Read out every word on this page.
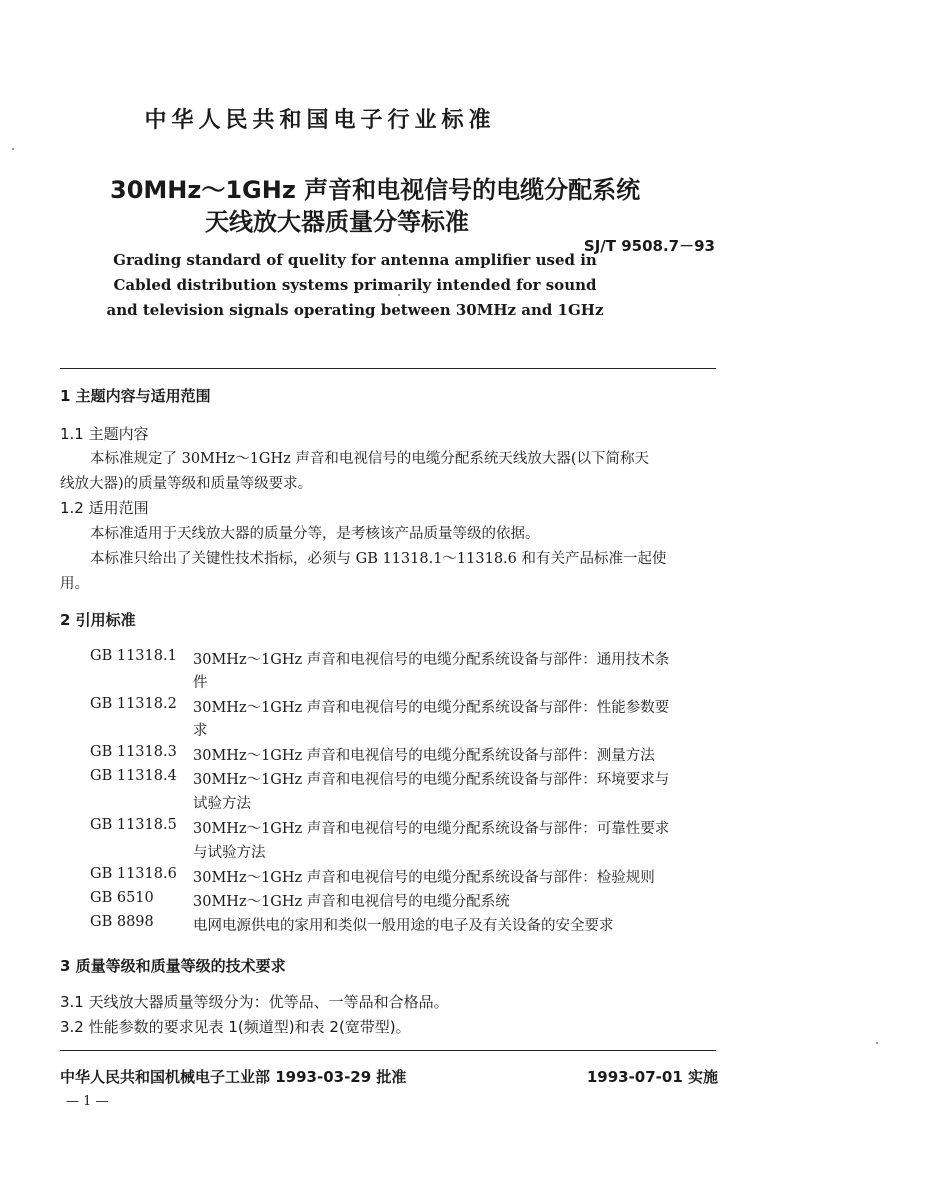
中华人民共和国电子行业标准
30MHz～1GHz 声音和电视信号的电缆分配系统
天线放大器质量分等标准
SJ/T 9508.7－93
Grading standard of quelity for antenna amplifier used in
Cabled distribution systems primarily intended for sound
and television signals operating between 30MHz and 1GHz
1 主题内容与适用范围
1.1 主题内容
本标准规定了 30MHz～1GHz 声音和电视信号的电缆分配系统天线放大器(以下简称天
线放大器)的质量等级和质量等级要求。
1.2 适用范围
本标准适用于天线放大器的质量分等，是考核该产品质量等级的依据。
本标准只给出了关键性技术指标，必须与 GB 11318.1～11318.6 和有关产品标准一起使
用。
2 引用标准
GB 11318.1 30MHz～1GHz 声音和电视信号的电缆分配系统设备与部件：通用技术条
件
GB 11318.2 30MHz～1GHz 声音和电视信号的电缆分配系统设备与部件：性能参数要
求
GB 11318.3 30MHz～1GHz 声音和电视信号的电缆分配系统设备与部件：测量方法
GB 11318.4 30MHz～1GHz 声音和电视信号的电缆分配系统设备与部件：环境要求与
试验方法
GB 11318.5 30MHz～1GHz 声音和电视信号的电缆分配系统设备与部件：可靠性要求
与试验方法
GB 11318.6 30MHz～1GHz 声音和电视信号的电缆分配系统设备与部件：检验规则
GB 6510	30MHz～1GHz 声音和电视信号的电缆分配系统
GB 8898	电网电源供电的家用和类似一般用途的电子及有关设备的安全要求
3 质量等级和质量等级的技术要求
3.1 天线放大器质量等级分为：优等品、一等品和合格品。
3.2 性能参数的要求见表 1(频道型)和表 2(宽带型)。
中华人民共和国机械电子工业部 1993-03-29 批准	1993-07-01 实施
— 1 —
